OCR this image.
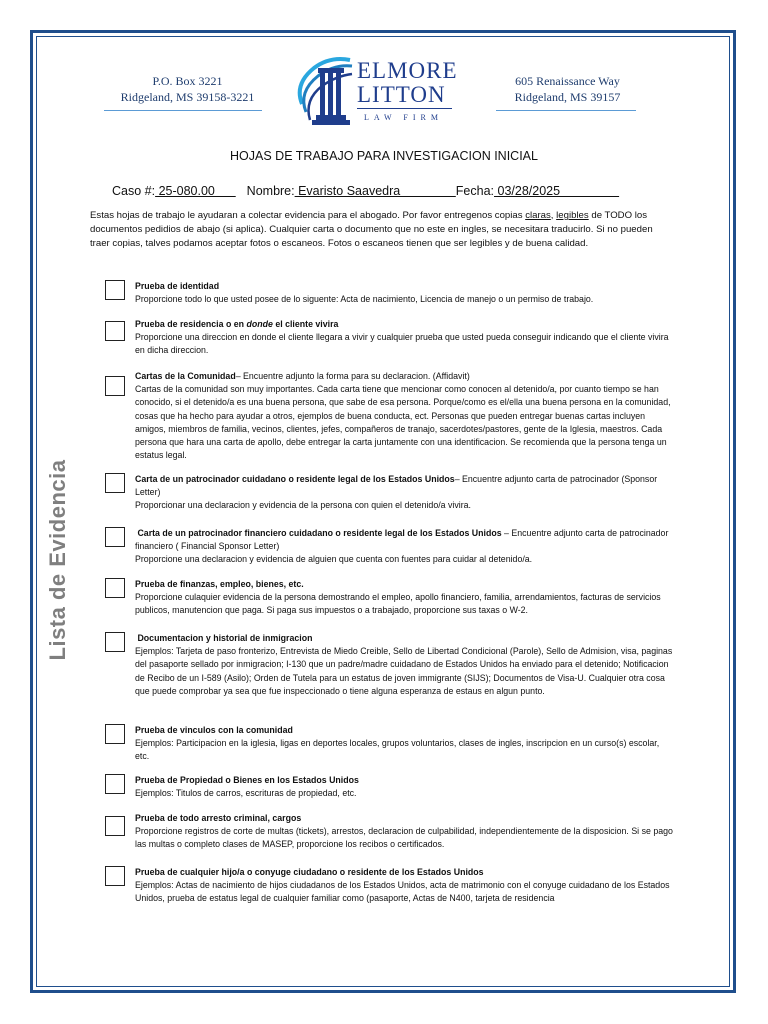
P.O. Box 3221
Ridgeland, MS 39158-3221
ELMORE
LITTON
LAW FIRM
605 Renaissance Way
Ridgeland, MS 39157
HOJAS DE TRABAJO PARA INVESTIGACION INICIAL
Caso #: 25-080.00        Nombre: Evaristo Saavedra                Fecha: 03/28/2025
Estas hojas de trabajo le ayudaran a colectar evidencia para el abogado. Por favor entregenos copias claras, legibles de TODO los documentos pedidios de abajo (si aplica). Cualquier carta o documento que no este en ingles, se necesitara traducirlo. Si no pueden traer copias, talves podamos aceptar fotos o escaneos. Fotos o escaneos tienen que ser legibles y de buena calidad.
Lista de Evidencia
Prueba de identidad
Proporcione todo lo que usted posee de lo siguente: Acta de nacimiento, Licencia de manejo o un permiso de trabajo.
Prueba de residencia o en donde el cliente vivira
Proporcione una direccion en donde el cliente llegara a vivir y cualquier prueba que usted pueda conseguir indicando que el cliente vivira en dicha direccion.
Cartas de la Comunidad– Encuentre adjunto la forma para su declaracion. (Affidavit)
Cartas de la comunidad son muy importantes. Cada carta tiene que mencionar como conocen al detenido/a, por cuanto tiempo se han conocido, si el detenido/a es una buena persona, que sabe de esa persona. Porque/como es el/ella una buena persona en la comunidad, cosas que ha hecho para ayudar a otros, ejemplos de buena conducta, ect. Personas que pueden entregar buenas cartas incluyen amigos, miembros de familia, vecinos, clientes, jefes, compañeros de tranajo, sacerdotes/pastores, gente de la Iglesia, maestros. Cada persona que hara una carta de apollo, debe entregar la carta juntamente con una identificacion. Se recomienda que la persona tenga un estatus legal.
Carta de un patrocinador cuidadano o residente legal de los Estados Unidos– Encuentre adjunto carta de patrocinador (Sponsor Letter)
Proporcionar una declaracion y evidencia de la persona con quien el detenido/a vivira.
Carta de un patrocinador financiero cuidadano o residente legal de los Estados Unidos – Encuentre adjunto carta de patrocinador financiero ( Financial Sponsor Letter)
Proporcione una declaracion y evidencia de alguien que cuenta con fuentes para cuidar al detenido/a.
Prueba de finanzas, empleo, bienes, etc.
Proporcione culaquier evidencia de la persona demostrando el empleo, apollo financiero, familia, arrendamientos, facturas de servicios publicos, manutencion que paga. Si paga sus impuestos o a trabajado, proporcione sus taxas o W-2.
Documentacion y historial de inmigracion
Ejemplos: Tarjeta de paso fronterizo, Entrevista de Miedo Creible, Sello de Libertad Condicional (Parole), Sello de Admision, visa, paginas del pasaporte sellado por inmigracion; I-130 que un padre/madre cuidadano de Estados Unidos ha enviado para el detenido; Notificacion de Recibo de un I-589 (Asilo); Orden de Tutela para un estatus de joven immigrante (SIJS); Documentos de Visa-U. Cualquier otra cosa que puede comprobar ya sea que fue inspeccionado o tiene alguna esperanza de estaus en algun punto.
Prueba de vinculos con la comunidad
Ejemplos: Participacion en la iglesia, ligas en deportes locales, grupos voluntarios, clases de ingles, inscripcion en un curso(s) escolar, etc.
Prueba de Propiedad o Bienes en los Estados Unidos
Ejemplos: Titulos de carros, escrituras de propiedad, etc.
Prueba de todo arresto criminal, cargos
Proporcione registros de corte de multas (tickets), arrestos, declaracion de culpabilidad, independientemente de la disposicion. Si se pago las multas o completo clases de MASEP, proporcione los recibos o certificados.
Prueba de cualquier hijo/a o conyuge ciudadano o residente de los Estados Unidos
Ejemplos: Actas de nacimiento de hijos ciudadanos de los Estados Unidos, acta de matrimonio con el conyuge cuidadano de los Estados Unidos, prueba de estatus legal de cualquier familiar como (pasaporte, Actas de N400, tarjeta de residencia
